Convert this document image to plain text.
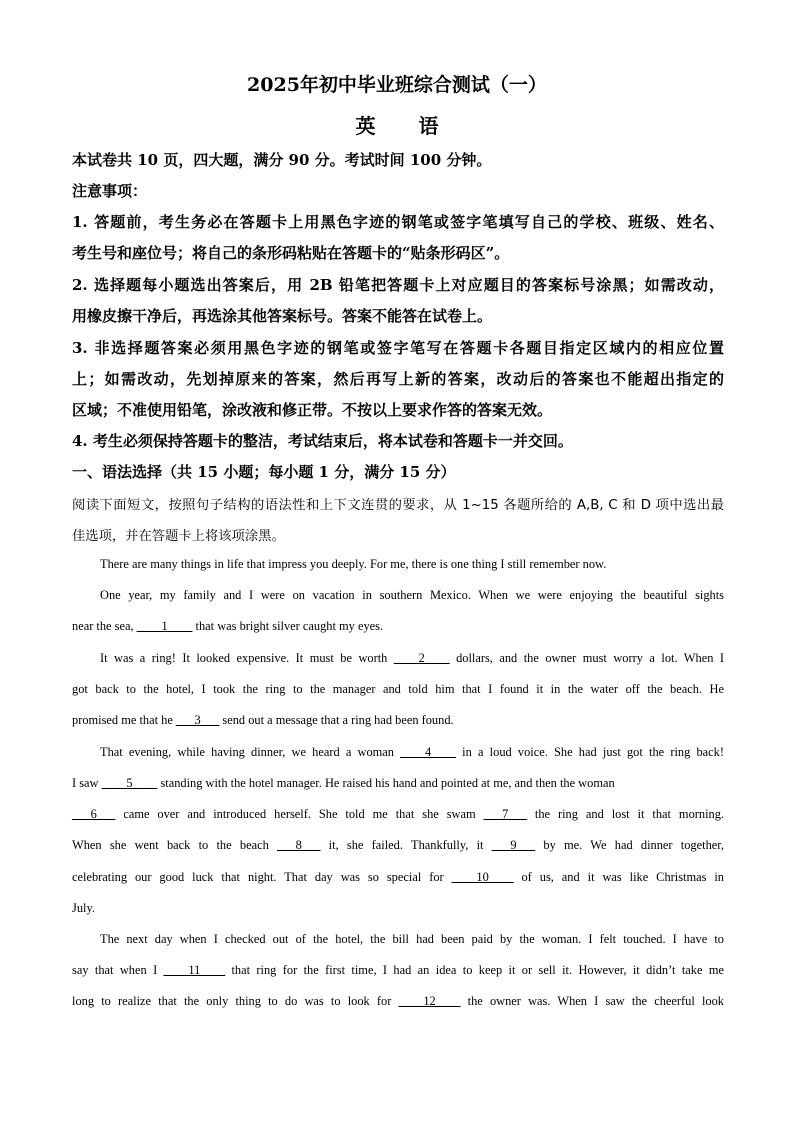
2025年初中毕业班综合测试（一）
英 语
本试卷共 10 页，四大题，满分 90 分。考试时间 100 分钟。
注意事项：
1. 答题前，考生务必在答题卡上用黑色字迹的钢笔或签字笔填写自己的学校、班级、姓名、
考生号和座位号；将自己的条形码粘贴在答题卡的“贴条形码区”。
2. 选择题每小题选出答案后，用 2B 铅笔把答题卡上对应题目的答案标号涂黑；如需改动，
用橡皮擦干净后，再选涂其他答案标号。答案不能答在试卷上。
3. 非选择题答案必须用黑色字迹的钢笔或签字笔写在答题卡各题目指定区域内的相应位置
上；如需改动，先划掉原来的答案，然后再写上新的答案，改动后的答案也不能超出指定的
区域；不准使用铅笔，涂改液和修正带。不按以上要求作答的答案无效。
4. 考生必须保持答题卡的整洁，考试结束后，将本试卷和答题卡一并交回。
一、语法选择（共 15 小题；每小题 1 分，满分 15 分）
阅读下面短文，按照句子结构的语法性和上下文连贯的要求，从 1~15 各题所给的 A,B, C 和 D 项中选出最
佳选项，并在答题卡上将该项涂黑。
There are many things in life that impress you deeply. For me, there is one thing I still remember now.
One year, my family and I were on vacation in southern Mexico. When we were enjoying the beautiful sights
near the sea, ____1____ that was bright silver caught my eyes.
It was a ring! It looked expensive. It must be worth ____2____ dollars, and the owner must worry a lot. When I
got back to the hotel, I took the ring to the manager and told him that I found it in the water off the beach. He
promised me that he ___3___ send out a message that a ring had been found.
That evening, while having dinner, we heard a woman ____4____ in a loud voice. She had just got the ring back!
I saw ____5____ standing with the hotel manager. He raised his hand and pointed at me, and then the woman
___6___ came over and introduced herself. She told me that she swam ___7___ the ring and lost it that morning.
When she went back to the beach ___8___ it, she failed. Thankfully, it ___9___ by me. We had dinner together,
celebrating our good luck that night. That day was so special for ____10____ of us, and it was like Christmas in
July.
The next day when I checked out of the hotel, the bill had been paid by the woman. I felt touched. I have to
say that when I ____11____ that ring for the first time, I had an idea to keep it or sell it. However, it didn’t take me
long to realize that the only thing to do was to look for ____12____ the owner was. When I saw the cheerful look
